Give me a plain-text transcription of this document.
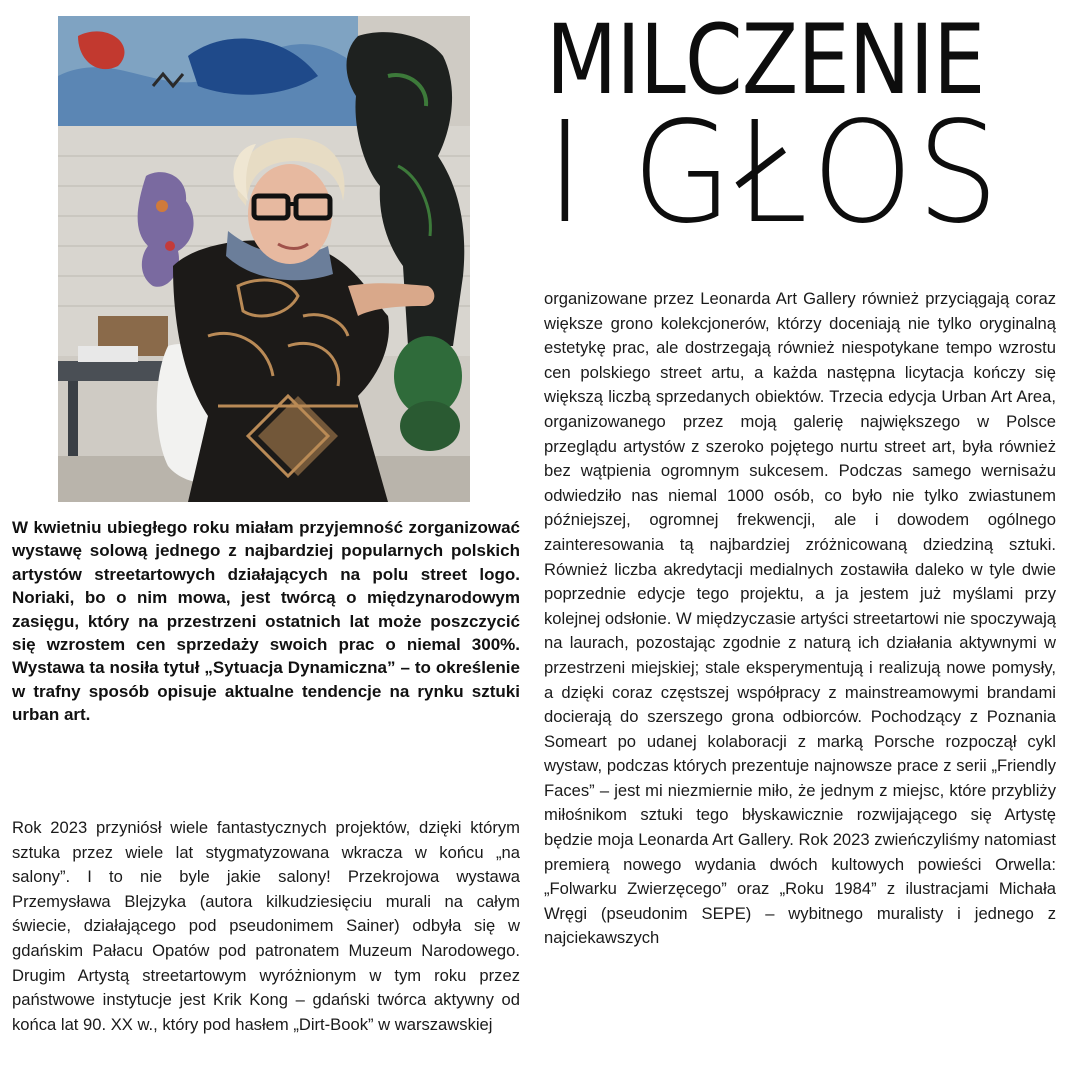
MILCZENIE
I GŁOS

W kwietniu ubiegłego roku miałam przyjemność zorganizować wystawę solową jednego z najbardziej popularnych polskich artystów streetartowych działających na polu street logo. Noriaki, bo o nim mowa, jest twórcą o międzynarodowym zasięgu, który na przestrzeni ostatnich lat może poszczycić się wzrostem cen sprzedaży swoich prac o niemal 300%. Wystawa ta nosiła tytuł „Sytuacja Dynamiczna” – to określenie w trafny sposób opisuje aktualne tendencje na rynku sztuki urban art.

Rok 2023 przyniósł wiele fantastycznych projektów, dzięki którym sztuka przez wiele lat stygmatyzowana wkracza w końcu „na salony”. I to nie byle jakie salony! Przekrojowa wystawa Przemysława Blejzyka (autora kilkudziesięciu murali na całym świecie, działającego pod pseudonimem Sainer) odbyła się w gdańskim Pałacu Opatów pod patronatem Muzeum Narodowego. Drugim Artystą streetartowym wyróżnionym w tym roku przez państwowe instytucje jest Krik Kong – gdański twórca aktywny od końca lat 90. XX w., który pod hasłem „Dirt-Book” w warszawskiej

organizowane przez Leonarda Art Gallery również przyciągają coraz większe grono kolekcjonerów, którzy doceniają nie tylko oryginalną estetykę prac, ale dostrzegają również niespotykane tempo wzrostu cen polskiego street artu, a każda następna licytacja kończy się większą liczbą sprzedanych obiektów. Trzecia edycja Urban Art Area, organizowanego przez moją galerię największego w Polsce przeglądu artystów z szeroko pojętego nurtu street art, była również bez wątpienia ogromnym sukcesem. Podczas samego wernisażu odwiedziło nas niemal 1000 osób, co było nie tylko zwiastunem późniejszej, ogromnej frekwencji, ale i dowodem ogólnego zainteresowania tą najbardziej zróżnicowaną dziedziną sztuki. Również liczba akredytacji medialnych zostawiła daleko w tyle dwie poprzednie edycje tego projektu, a ja jestem już myślami przy kolejnej odsłonie. W międzyczasie artyści streetartowi nie spoczywają na laurach, pozostając zgodnie z naturą ich działania aktywnymi w przestrzeni miejskiej; stale eksperymentują i realizują nowe pomysły, a dzięki coraz częstszej współpracy z mainstreamowymi brandami docierają do szerszego grona odbiorców. Pochodzący z Poznania Someart po udanej kolaboracji z marką Porsche rozpoczął cykl wystaw, podczas których prezentuje najnowsze prace z serii „Friendly Faces” – jest mi niezmiernie miło, że jednym z miejsc, które przybliży miłośnikom sztuki tego błyskawicznie rozwijającego się Artystę będzie moja Leonarda Art Gallery. Rok 2023 zwieńczyliśmy natomiast premierą nowego wydania dwóch kultowych powieści Orwella: „Folwarku Zwierzęcego” oraz „Roku 1984” z ilustracjami Michała Wręgi (pseudonim SEPE) – wybitnego muralisty i jednego z najciekawszych
